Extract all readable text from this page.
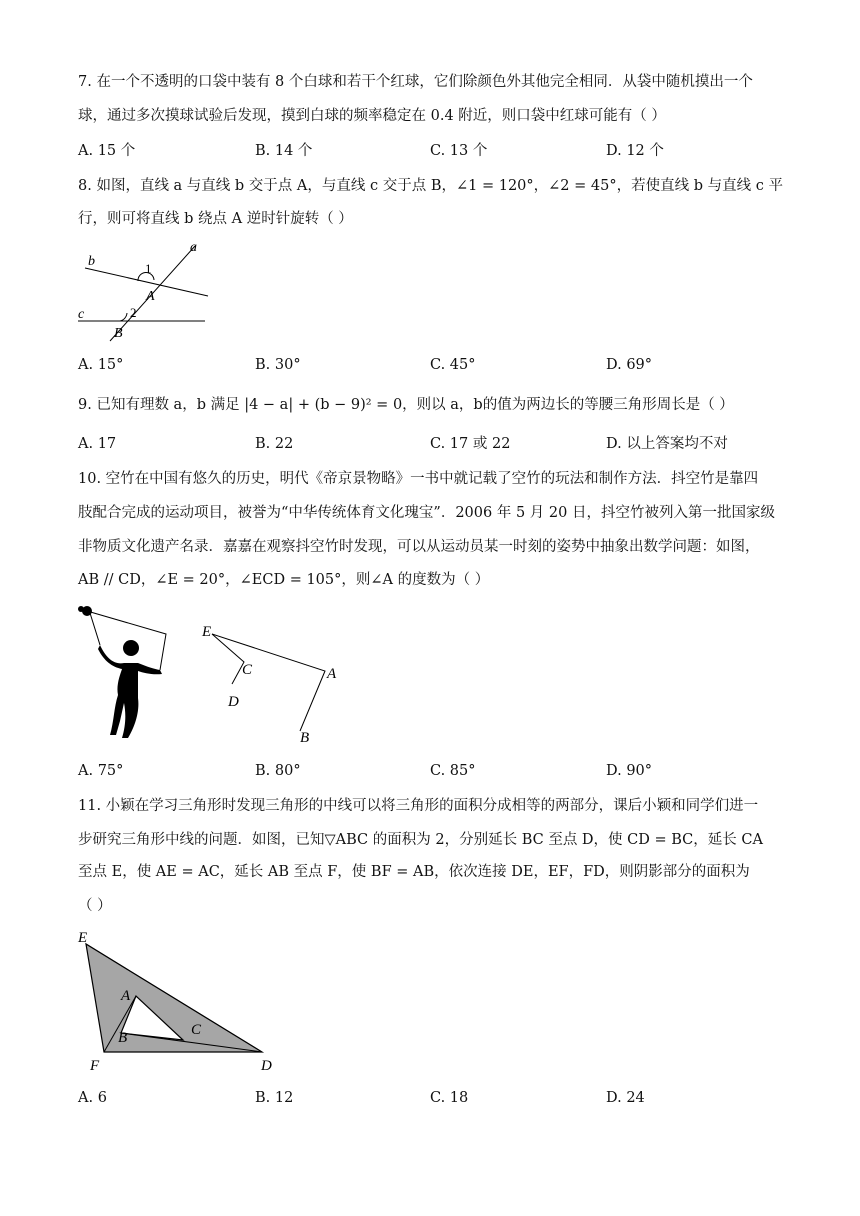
7. 在一个不透明的口袋中装有 8 个白球和若干个红球，它们除颜色外其他完全相同．从袋中随机摸出一个
球，通过多次摸球试验后发现，摸到白球的频率稳定在 0.4 附近，则口袋中红球可能有（ ）
A. 15 个	B. 14 个	C. 13 个	D. 12 个
8. 如图，直线 a 与直线 b 交于点 A，与直线 c 交于点 B，∠1 = 120°，∠2 = 45°，若使直线 b 与直线 c 平
行，则可将直线 b 绕点 A 逆时针旋转（ ）
a
b	1
A
c	2
B
A. 15°	B. 30°	C. 45°	D. 69°
9. 已知有理数 a，b 满足 |4 − a| + (b − 9)² = 0，则以 a，b的值为两边长的等腰三角形周长是（ ）
A. 17	B. 22	C. 17 或 22	D. 以上答案均不对
10. 空竹在中国有悠久的历史，明代《帝京景物略》一书中就记载了空竹的玩法和制作方法．抖空竹是靠四
肢配合完成的运动项目，被誉为“中华传统体育文化瑰宝”．2006 年 5 月 20 日，抖空竹被列入第一批国家级
非物质文化遗产名录．嘉嘉在观察抖空竹时发现，可以从运动员某一时刻的姿势中抽象出数学问题：如图，
AB // CD，∠E = 20°，∠ECD = 105°，则∠A 的度数为（ ）
E
C	A
D
B
A. 75°	B. 80°	C. 85°	D. 90°
11. 小颖在学习三角形时发现三角形的中线可以将三角形的面积分成相等的两部分，课后小颖和同学们进一
步研究三角形中线的问题．如图，已知▽ABC 的面积为 2，分别延长 BC 至点 D，使 CD = BC，延长 CA
至点 E，使 AE = AC，延长 AB 至点 F，使 BF = AB，依次连接 DE，EF，FD，则阴影部分的面积为
（ ）
E
A
C
B
F	D
A. 6	B. 12	C. 18	D. 24
